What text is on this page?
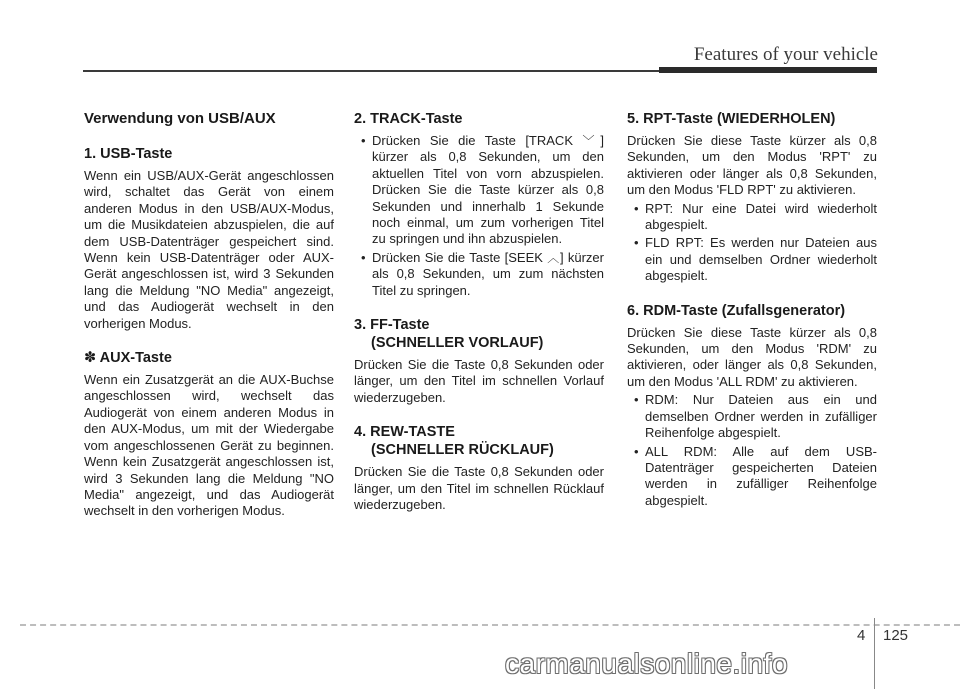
Features of your vehicle
Verwendung von USB/AUX
1. USB-Taste

Wenn ein USB/AUX-Gerät angeschlossen wird, schaltet das Gerät von einem anderen Modus in den USB/AUX-Modus, um die Musikdateien abzuspielen, die auf dem USB-Datenträger gespeichert sind. Wenn kein USB-Datenträger oder AUX-Gerät angeschlossen ist, wird 3 Sekunden lang die Meldung "NO Media" angezeigt, und das Audiogerät wechselt in den vorherigen Modus.

✽ AUX-Taste

Wenn ein Zusatzgerät an die AUX-Buchse angeschlossen wird, wechselt das Audiogerät von einem anderen Modus in den AUX-Modus, um mit der Wiedergabe vom angeschlossenen Gerät zu beginnen. Wenn kein Zusatzgerät angeschlossen ist, wird 3 Sekunden lang die Meldung "NO Media" angezeigt, und das Audiogerät wechselt in den vorherigen Modus.

2. TRACK-Taste
• Drücken Sie die Taste [TRACK ﹀] kürzer als 0,8 Sekunden, um den aktuellen Titel von vorn abzuspielen. Drücken Sie die Taste kürzer als 0,8 Sekunden und innerhalb 1 Sekunde noch einmal, um zum vorherigen Titel zu springen und ihn abzuspielen.
• Drücken Sie die Taste [SEEK ︿] kürzer als 0,8 Sekunden, um zum nächsten Titel zu springen.
3. FF-Taste
(SCHNELLER VORLAUF)

Drücken Sie die Taste 0,8 Sekunden oder länger, um den Titel im schnellen Vorlauf wiederzugeben.

4. REW-TASTE
(SCHNELLER RÜCKLAUF)

Drücken Sie die Taste 0,8 Sekunden oder länger, um den Titel im schnellen Rücklauf wiederzugeben.

5. RPT-Taste (WIEDERHOLEN)

Drücken Sie diese Taste kürzer als 0,8 Sekunden, um den Modus 'RPT' zu aktivieren oder länger als 0,8 Sekunden, um den Modus 'FLD RPT' zu aktivieren.

• RPT: Nur eine Datei wird wiederholt abgespielt.
• FLD RPT: Es werden nur Dateien aus ein und demselben Ordner wiederholt abgespielt.
6. RDM-Taste (Zufallsgenerator)

Drücken Sie diese Taste kürzer als 0,8 Sekunden, um den Modus 'RDM' zu aktivieren, oder länger als 0,8 Sekunden, um den Modus 'ALL RDM' zu aktivieren.

• RDM: Nur Dateien aus ein und demselben Ordner werden in zufälliger Reihenfolge abgespielt.
• ALL RDM: Alle auf dem USB-Datenträger gespeicherten Dateien werden in zufälliger Reihenfolge abgespielt.
4 125
carmanualsonline.info
